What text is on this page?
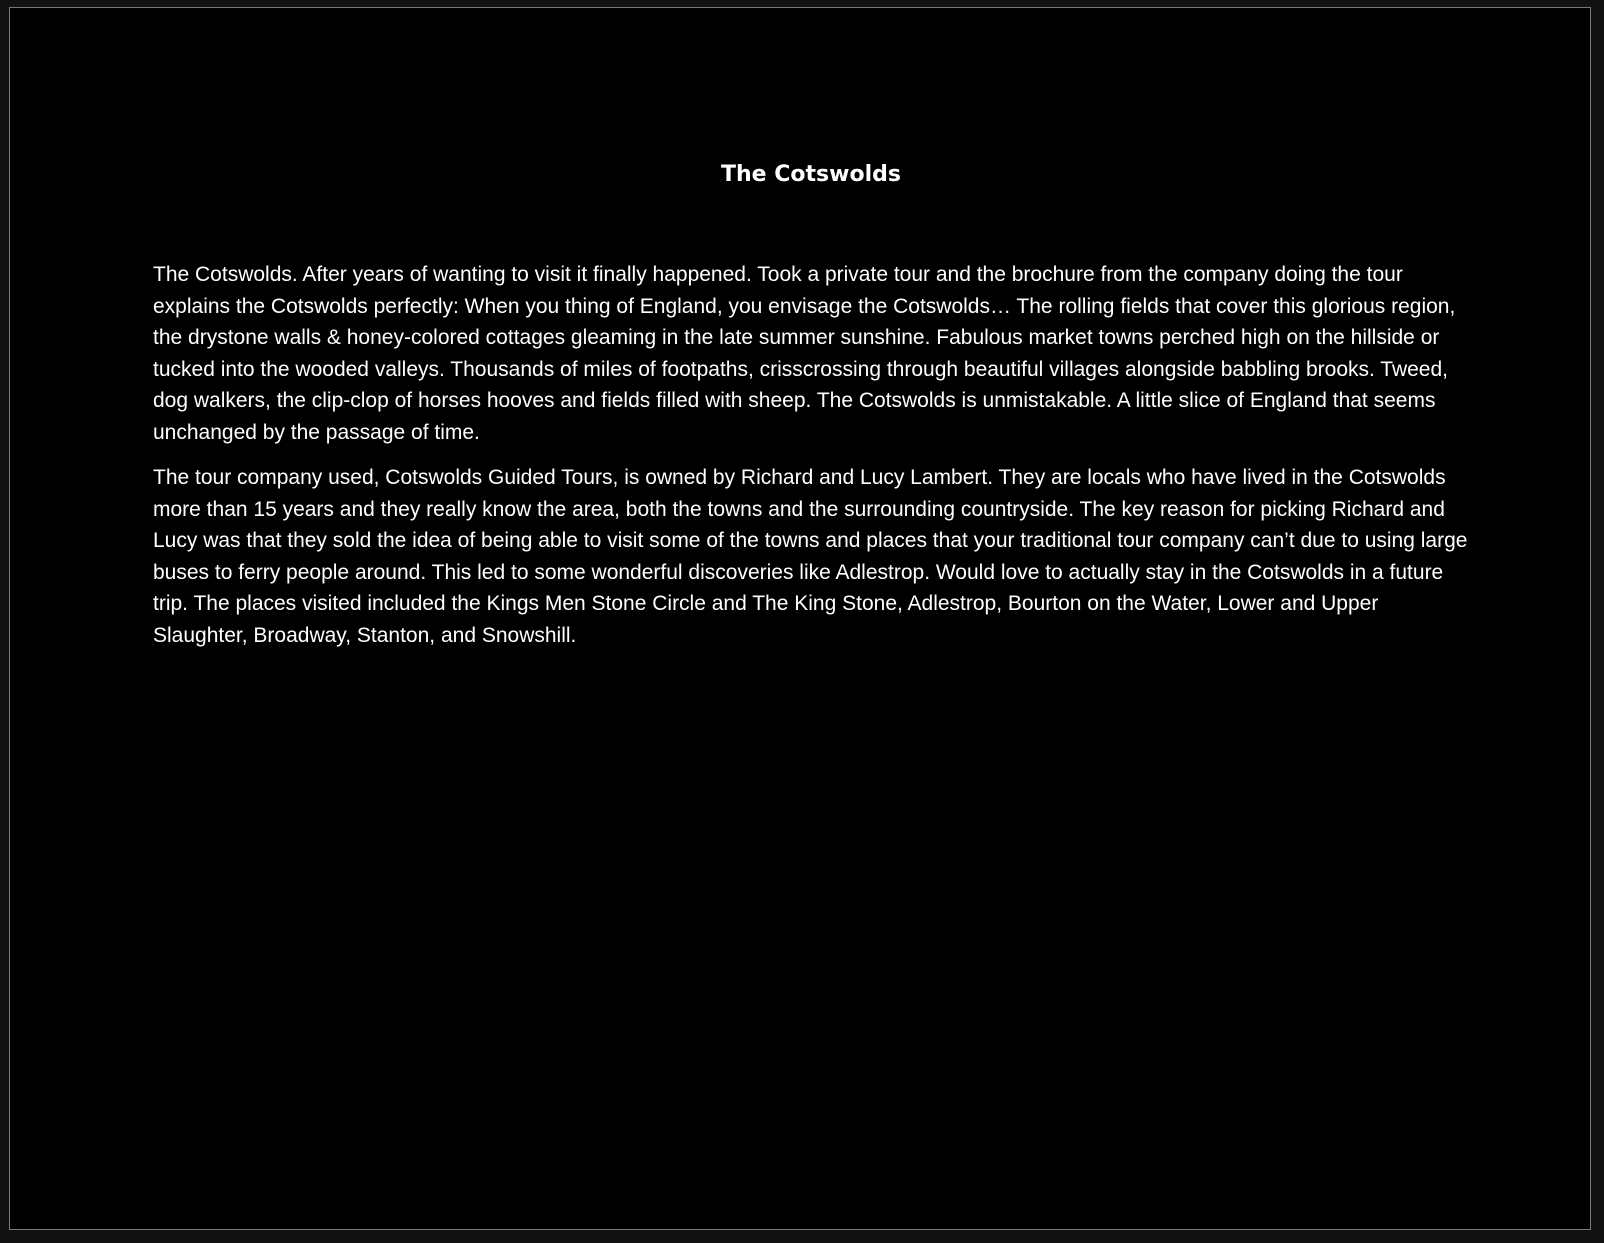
The Cotswolds

The Cotswolds. After years of wanting to visit it finally happened. Took a private tour and the brochure from the company doing the tour explains the Cotswolds perfectly: When you thing of England, you envisage the Cotswolds… The rolling fields that cover this glorious region, the drystone walls & honey-colored cottages gleaming in the late summer sunshine. Fabulous market towns perched high on the hillside or tucked into the wooded valleys. Thousands of miles of footpaths, crisscrossing through beautiful villages alongside babbling brooks. Tweed, dog walkers, the clip-clop of horses hooves and fields filled with sheep. The Cotswolds is unmistakable. A little slice of England that seems unchanged by the passage of time.

The tour company used, Cotswolds Guided Tours, is owned by Richard and Lucy Lambert. They are locals who have lived in the Cotswolds more than 15 years and they really know the area, both the towns and the surrounding countryside. The key reason for picking Richard and Lucy was that they sold the idea of being able to visit some of the towns and places that your traditional tour company can’t due to using large buses to ferry people around. This led to some wonderful discoveries like Adlestrop. Would love to actually stay in the Cotswolds in a future trip. The places visited included the Kings Men Stone Circle and The King Stone, Adlestrop, Bourton on the Water, Lower and Upper Slaughter, Broadway, Stanton, and Snowshill.
